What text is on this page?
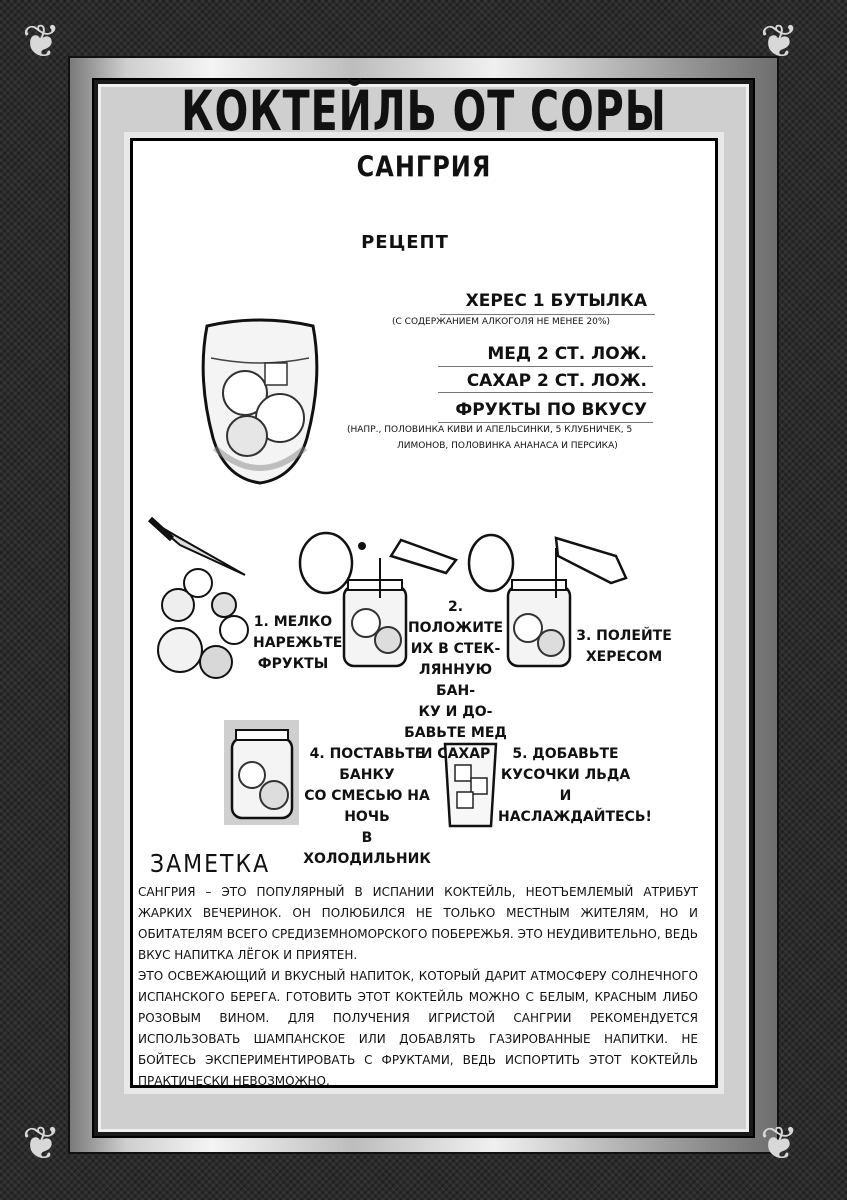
❦	❦
❦	❦
КОКТЕЙЛЬ ОТ СОРЫ
САНГРИЯ
РЕЦЕПТ
ХЕРЕС 1 БУТЫЛКА
(С СОДЕРЖАНИЕМ АЛКОГОЛЯ НЕ МЕНЕЕ 20%)
МЕД 2 СТ. ЛОЖ.
САХАР 2 СТ. ЛОЖ.
ФРУКТЫ ПО ВКУСУ
(НАПР., ПОЛОВИНКА КИВИ И АПЕЛЬСИНКИ, 5 КЛУБНИЧЕК, 5
ЛИМОНОВ, ПОЛОВИНКА АНАНАСА И ПЕРСИКА)
1. МЕЛКО
НАРЕЖЬТЕ
ФРУКТЫ
2. ПОЛОЖИТЕ
ИХ В СТЕК-
ЛЯННУЮ БАН-
КУ И ДО-
БАВЬТЕ МЕД
И САХАР
3. ПОЛЕЙТЕ
ХЕРЕСОМ
4. ПОСТАВЬТЕ БАНКУ
СО СМЕСЬЮ НА НОЧЬ
В ХОЛОДИЛЬНИК
5. ДОБАВЬТЕ
КУСОЧКИ ЛЬДА И
НАСЛАЖДАЙТЕСЬ!
ЗАМЕТКА
САНГРИЯ – ЭТО ПОПУЛЯРНЫЙ В ИСПАНИИ КОКТЕЙЛЬ, НЕОТЪЕМЛЕМЫЙ АТРИБУТ ЖАРКИХ ВЕЧЕРИНОК. ОН ПОЛЮБИЛСЯ НЕ ТОЛЬКО МЕСТНЫМ ЖИТЕЛЯМ, НО И ОБИТАТЕЛЯМ ВСЕГО СРЕДИЗЕМНОМОРСКОГО ПОБЕРЕЖЬЯ. ЭТО НЕУДИВИТЕЛЬНО, ВЕДЬ ВКУС НАПИТКА ЛЁГОК И ПРИЯТЕН.
ЭТО ОСВЕЖАЮЩИЙ И ВКУСНЫЙ НАПИТОК, КОТОРЫЙ ДАРИТ АТМОСФЕРУ СОЛНЕЧНОГО ИСПАНСКОГО БЕРЕГА. ГОТОВИТЬ ЭТОТ КОКТЕЙЛЬ МОЖНО С БЕЛЫМ, КРАСНЫМ ЛИБО РОЗОВЫМ ВИНОМ. ДЛЯ ПОЛУЧЕНИЯ ИГРИСТОЙ САНГРИИ РЕКОМЕНДУЕТСЯ ИСПОЛЬЗОВАТЬ ШАМПАНСКОЕ ИЛИ ДОБАВЛЯТЬ ГАЗИРОВАННЫЕ НАПИТКИ. НЕ БОЙТЕСЬ ЭКСПЕРИМЕНТИРОВАТЬ С ФРУКТАМИ, ВЕДЬ ИСПОРТИТЬ ЭТОТ КОКТЕЙЛЬ ПРАКТИЧЕСКИ НЕВОЗМОЖНО.
